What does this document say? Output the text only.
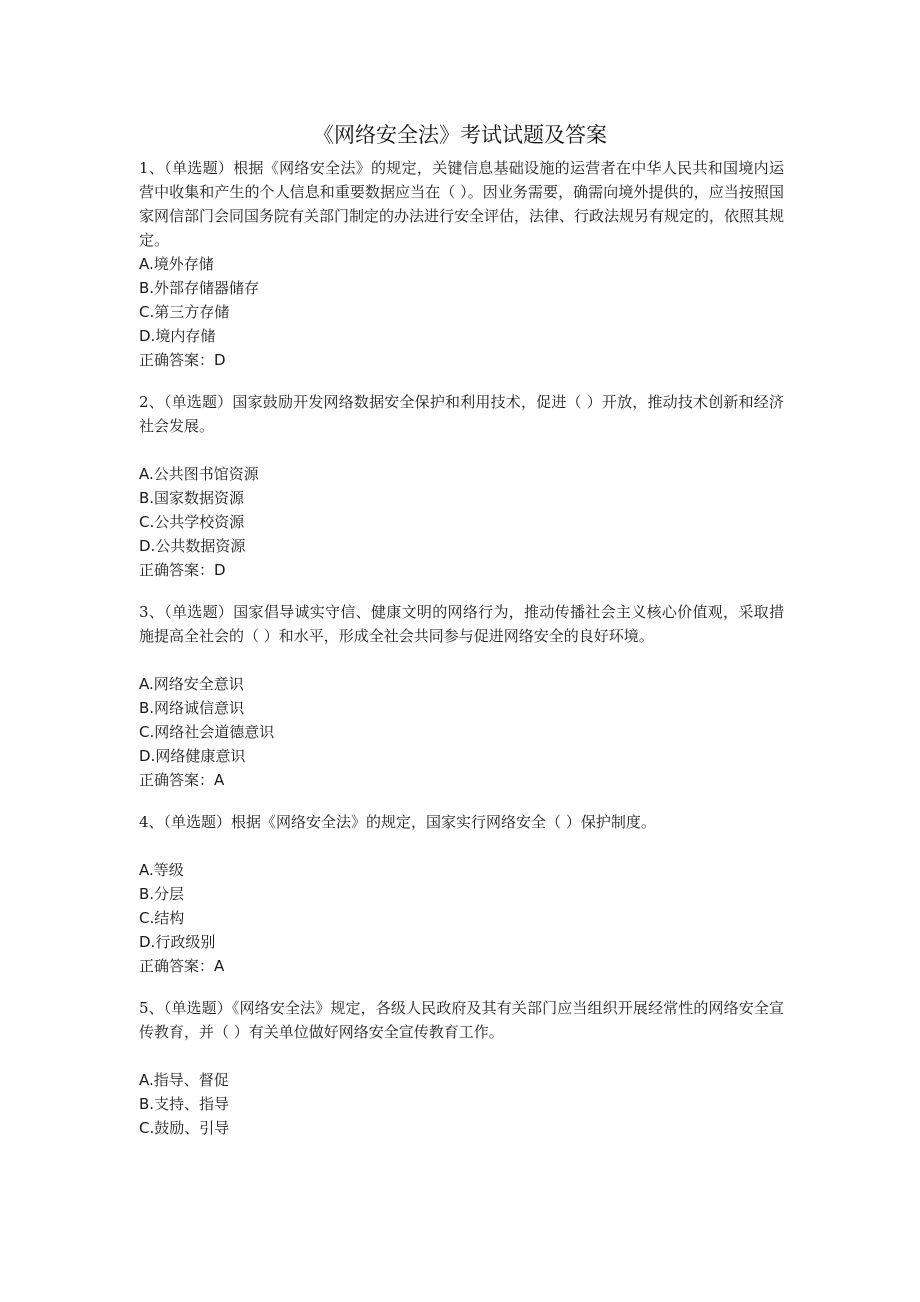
《网络安全法》考试试题及答案

1、（单选题）根据《网络安全法》的规定，关键信息基础设施的运营者在中华人民共和国境内运营中收集和产生的个人信息和重要数据应当在（ ）。因业务需要，确需向境外提供的，应当按照国家网信部门会同国务院有关部门制定的办法进行安全评估，法律、行政法规另有规定的，依照其规定。

A.境外存储

B.外部存储器储存

C.第三方存储

D.境内存储

正确答案：D

2、（单选题）国家鼓励开发网络数据安全保护和利用技术，促进（ ）开放，推动技术创新和经济社会发展。

A.公共图书馆资源

B.国家数据资源

C.公共学校资源

D.公共数据资源

正确答案：D

3、（单选题）国家倡导诚实守信、健康文明的网络行为，推动传播社会主义核心价值观，采取措施提高全社会的（ ）和水平，形成全社会共同参与促进网络安全的良好环境。

A.网络安全意识

B.网络诚信意识

C.网络社会道德意识

D.网络健康意识

正确答案：A

4、（单选题）根据《网络安全法》的规定，国家实行网络安全（ ）保护制度。

A.等级

B.分层

C.结构

D.行政级别

正确答案：A

5、（单选题）《网络安全法》规定，各级人民政府及其有关部门应当组织开展经常性的网络安全宣传教育，并（ ）有关单位做好网络安全宣传教育工作。

A.指导、督促

B.支持、指导

C.鼓励、引导
